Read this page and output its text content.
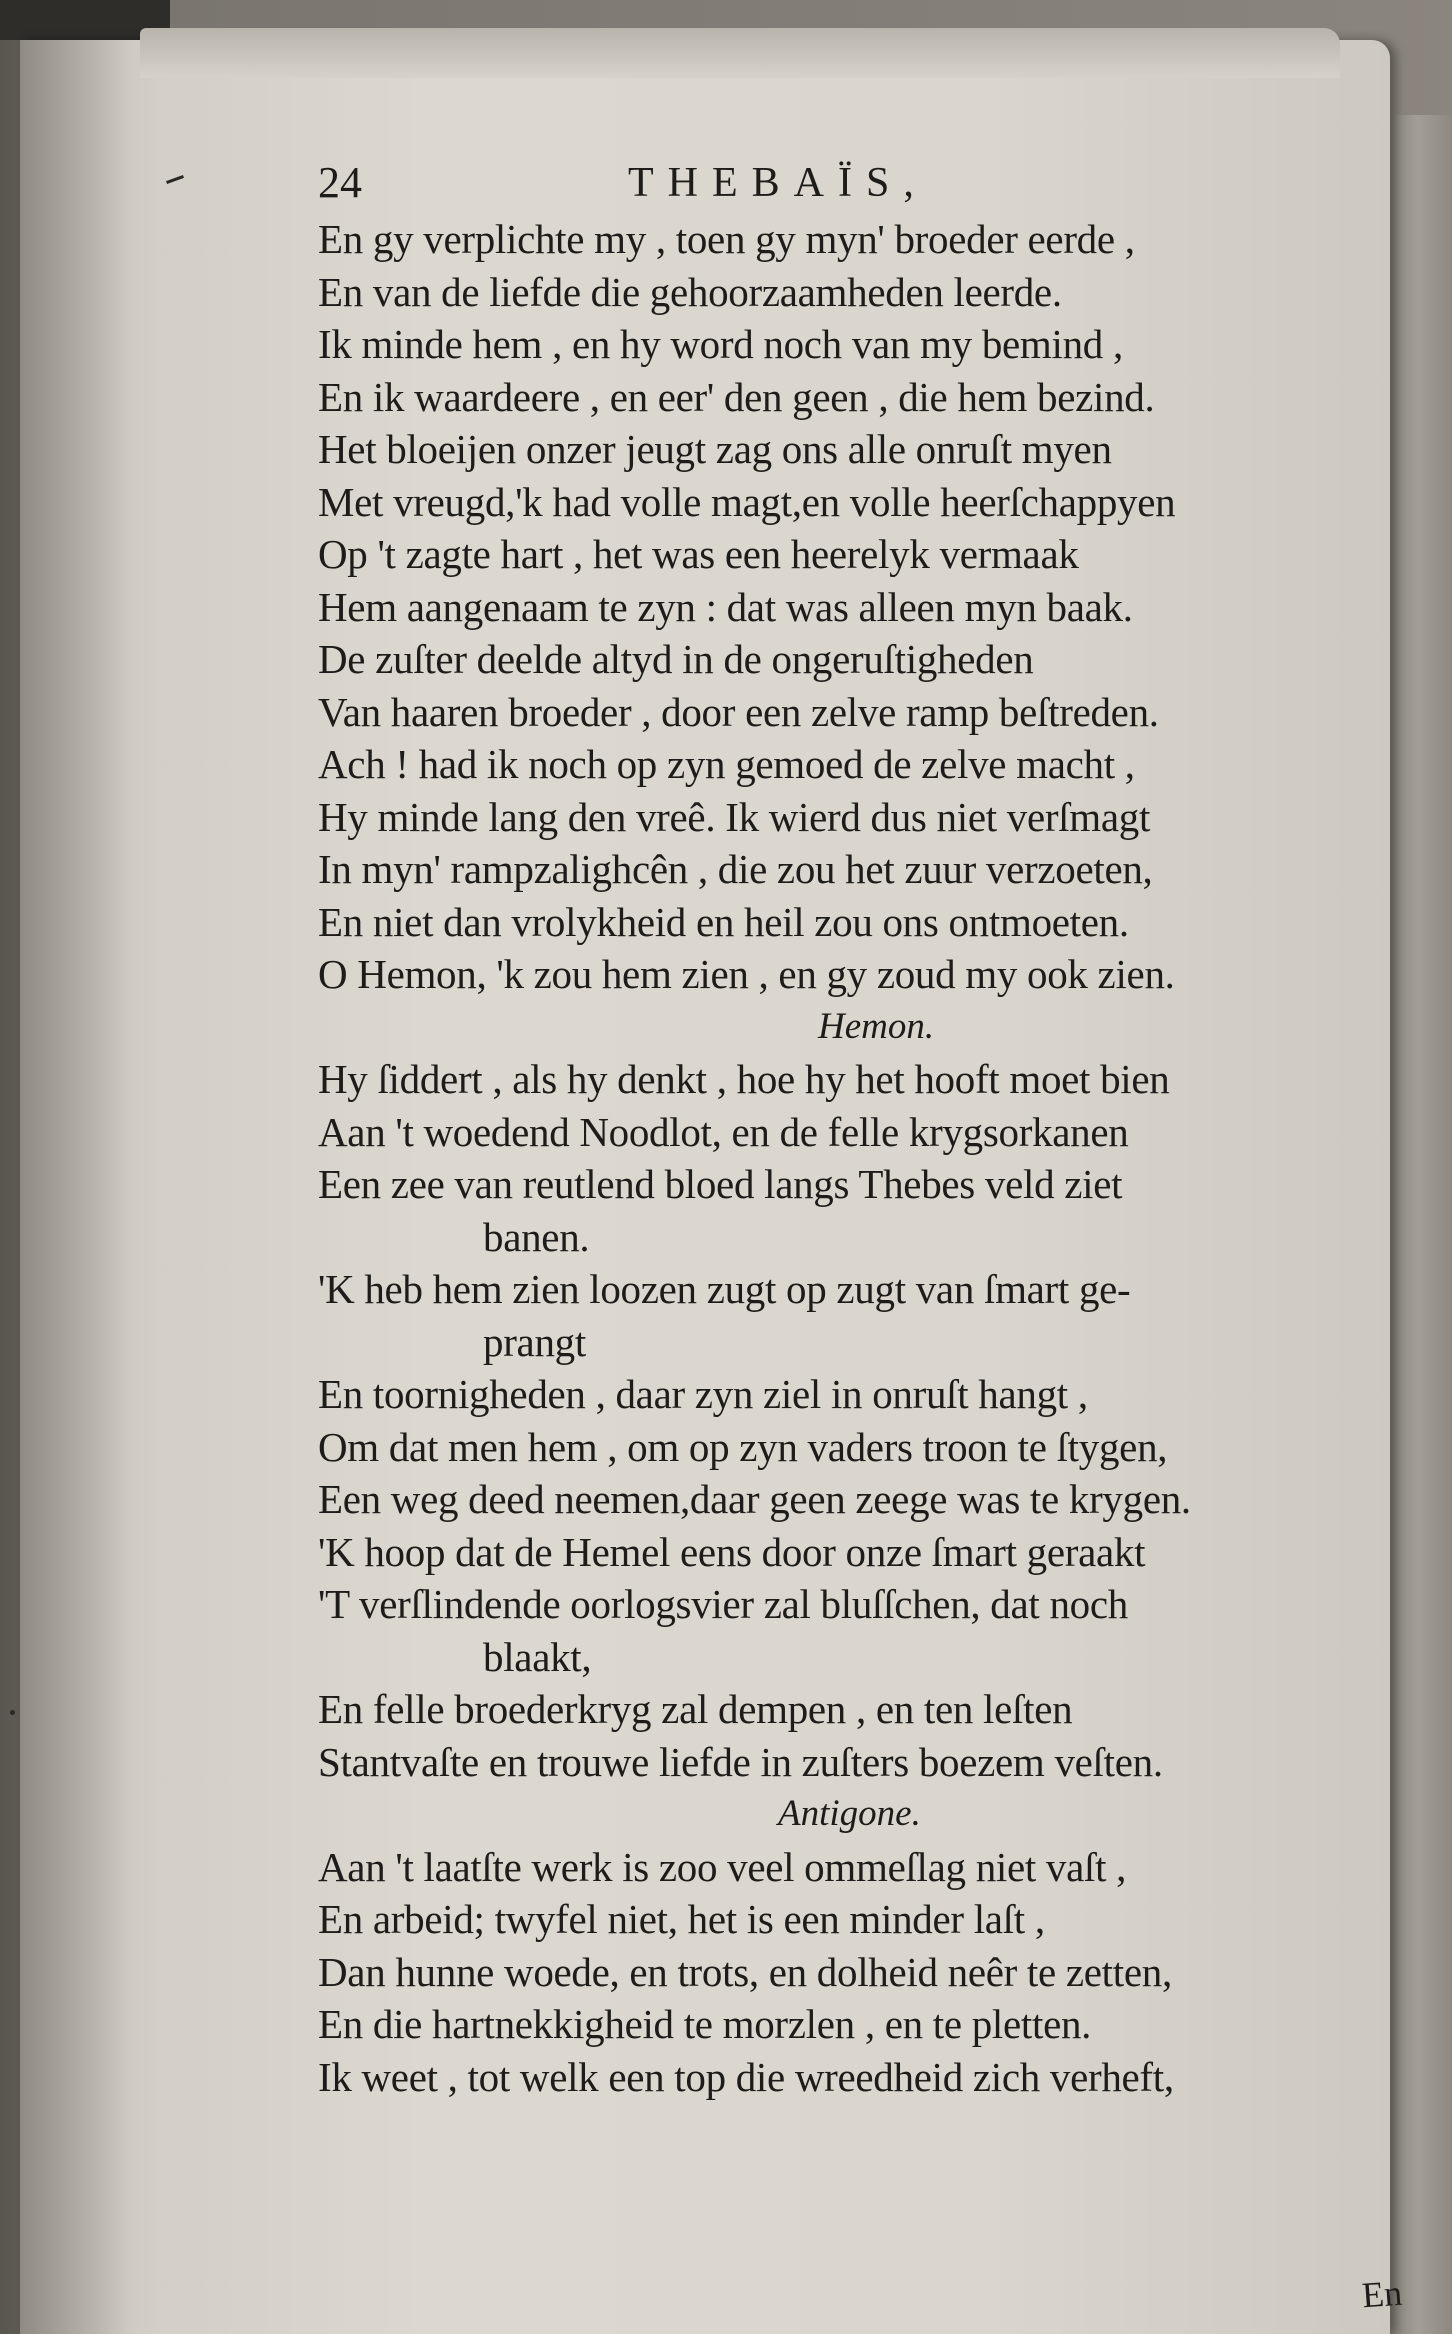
24	THEBAÏS,
En gy verplichte my , toen gy myn' broeder eerde ,
En van de liefde die gehoorzaamheden leerde.
Ik minde hem , en hy word noch van my bemind ,
En ik waardeere , en eer' den geen , die hem bezind.
Het bloeijen onzer jeugt zag ons alle onruſt myen
Met vreugd,'k had volle magt,en volle heerſchappyen
Op 't zagte hart , het was een heerelyk vermaak
Hem aangenaam te zyn : dat was alleen myn baak.
De zuſter deelde altyd in de ongeruſtigheden
Van haaren broeder , door een zelve ramp beſtreden.
Ach ! had ik noch op zyn gemoed de zelve macht ,
Hy minde lang den vreê. Ik wierd dus niet verſmagt
In myn' rampzalighcên , die zou het zuur verzoeten,
En niet dan vrolykheid en heil zou ons ontmoeten.
O Hemon, 'k zou hem zien , en gy zoud my ook zien.
Hemon.
Hy ſiddert , als hy denkt , hoe hy het hooft moet bien
Aan 't woedend Noodlot, en de felle krygsorkanen
Een zee van reutlend bloed langs Thebes veld ziet
banen.
'K heb hem zien loozen zugt op zugt van ſmart ge-
prangt
En toornigheden , daar zyn ziel in onruſt hangt ,
Om dat men hem , om op zyn vaders troon te ſtygen,
Een weg deed neemen,daar geen zeege was te krygen.
'K hoop dat de Hemel eens door onze ſmart geraakt
'T verſlindende oorlogsvier zal bluſſchen, dat noch
blaakt,
En felle broederkryg zal dempen , en ten leſten
Stantvaſte en trouwe liefde in zuſters boezem veſten.
Antigone.
Aan 't laatſte werk is zoo veel ommeſlag niet vaſt ,
En arbeid; twyfel niet, het is een minder laſt ,
Dan hunne woede, en trots, en dolheid neêr te zetten,
En die hartnekkigheid te morzlen , en te pletten.
Ik weet , tot welk een top die wreedheid zich verheft,
En
